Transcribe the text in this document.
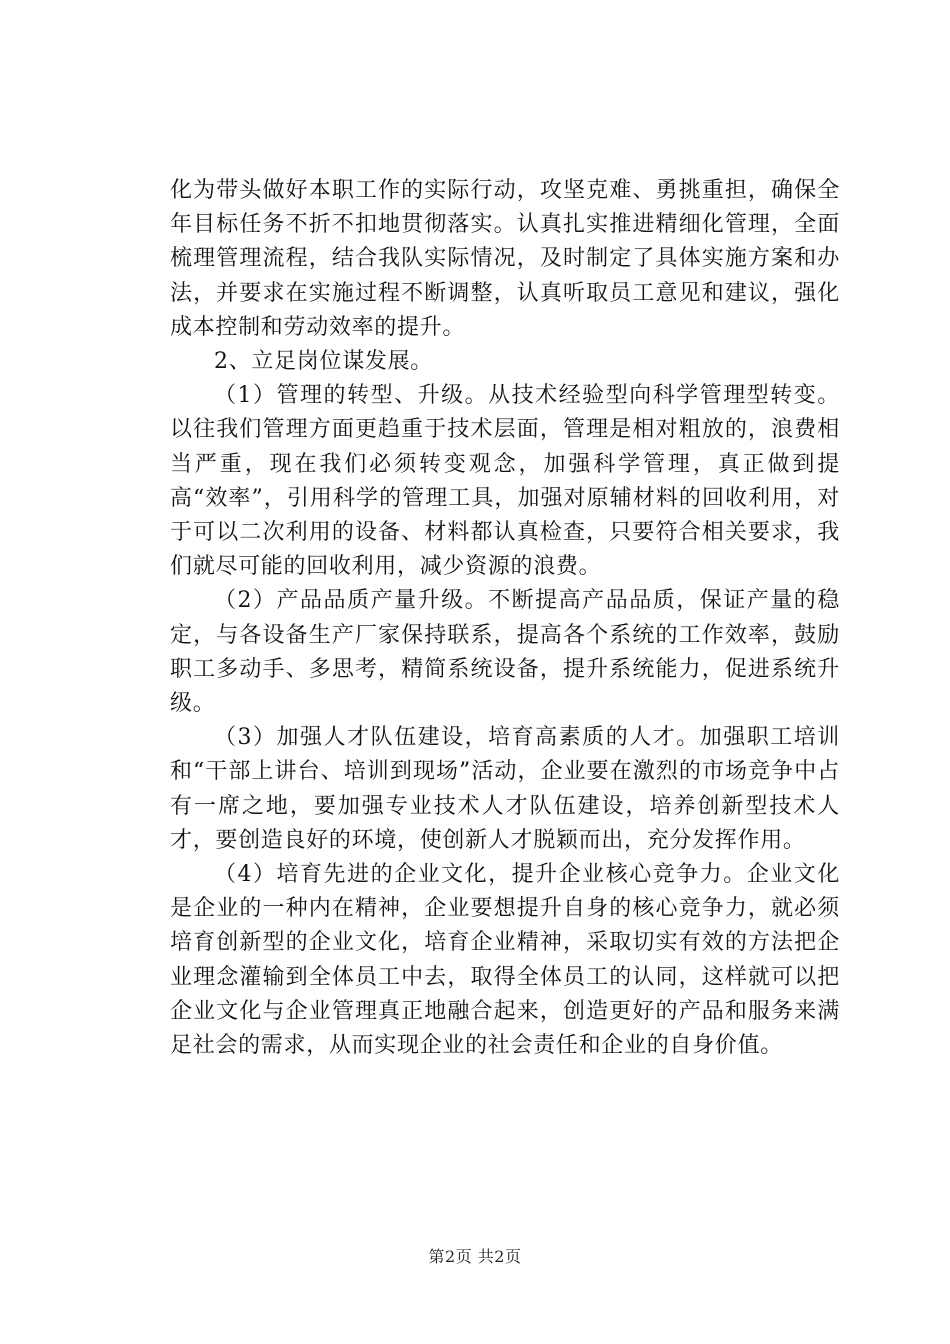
化为带头做好本职工作的实际行动，攻坚克难、勇挑重担，确保全年目标任务不折不扣地贯彻落实。认真扎实推进精细化管理，全面梳理管理流程，结合我队实际情况，及时制定了具体实施方案和办法，并要求在实施过程不断调整，认真听取员工意见和建议，强化成本控制和劳动效率的提升。

2、立足岗位谋发展。

（1）管理的转型、升级。从技术经验型向科学管理型转变。以往我们管理方面更趋重于技术层面，管理是相对粗放的，浪费相当严重，现在我们必须转变观念，加强科学管理，真正做到提高“效率”，引用科学的管理工具，加强对原辅材料的回收利用，对于可以二次利用的设备、材料都认真检查，只要符合相关要求，我们就尽可能的回收利用，减少资源的浪费。

（2）产品品质产量升级。不断提高产品品质，保证产量的稳定，与各设备生产厂家保持联系，提高各个系统的工作效率，鼓励职工多动手、多思考，精简系统设备，提升系统能力，促进系统升级。

（3）加强人才队伍建设，培育高素质的人才。加强职工培训和“干部上讲台、培训到现场”活动，企业要在激烈的市场竞争中占有一席之地，要加强专业技术人才队伍建设，培养创新型技术人才，要创造良好的环境，使创新人才脱颖而出，充分发挥作用。

（4）培育先进的企业文化，提升企业核心竞争力。企业文化是企业的一种内在精神，企业要想提升自身的核心竞争力，就必须培育创新型的企业文化，培育企业精神，采取切实有效的方法把企业理念灌输到全体员工中去，取得全体员工的认同，这样就可以把企业文化与企业管理真正地融合起来，创造更好的产品和服务来满足社会的需求，从而实现企业的社会责任和企业的自身价值。

第2页 共2页
